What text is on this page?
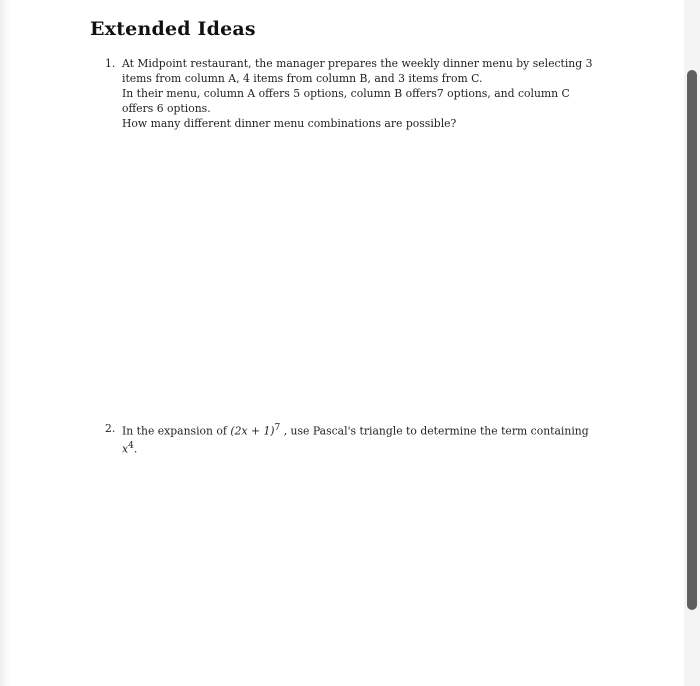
Extended Ideas
1. At Midpoint restaurant, the manager prepares the weekly dinner menu by selecting 3
items from column A, 4 items from column B, and 3 items from C.
In their menu, column A offers 5 options, column B offers7 options, and column C
offers 6 options.
How many different dinner menu combinations are possible?
2. In the expansion of $(2x + 1)^7$ , use Pascal's triangle to determine the term containing
$x^4$.
